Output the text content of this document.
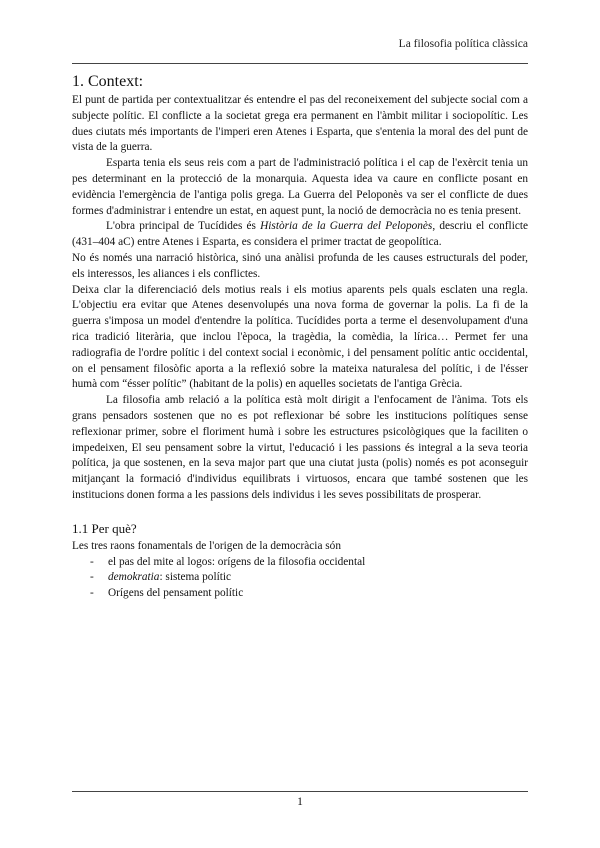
La filosofia política clàssica
1. Context:

El punt de partida per contextualitzar és entendre el pas del reconeixement del subjecte social com a subjecte polític. El conflicte a la societat grega era permanent en l'àmbit militar i sociopolític. Les dues ciutats més importants de l'imperi eren Atenes i Esparta, que s'entenia la moral des del punt de vista de la guerra.

Esparta tenia els seus reis com a part de l'administració política i el cap de l'exèrcit tenia un pes determinant en la protecció de la monarquia. Aquesta idea va caure en conflicte posant en evidència l'emergència de l'antiga polis grega. La Guerra del Peloponès va ser el conflicte de dues formes d'administrar i entendre un estat, en aquest punt, la noció de democràcia no es tenia present.

L'obra principal de Tucídides és Història de la Guerra del Peloponès, descriu el conflicte (431–404 aC) entre Atenes i Esparta, es considera el primer tractat de geopolítica.

No és només una narració històrica, sinó una anàlisi profunda de les causes estructurals del poder, els interessos, les aliances i els conflictes.

Deixa clar la diferenciació dels motius reals i els motius aparents pels quals esclaten una regla. L'objectiu era evitar que Atenes desenvolupés una nova forma de governar la polis. La fi de la guerra s'imposa un model d'entendre la política. Tucídides porta a terme el desenvolupament d'una rica tradició literària, que inclou l'època, la tragèdia, la comèdia, la lírica… Permet fer una radiografia de l'ordre polític i del context social i econòmic, i del pensament polític antic occidental, on el pensament filosòfic aporta a la reflexió sobre la mateixa naturalesa del polític, i de l'ésser humà com “ésser polític” (habitant de la polis) en aquelles societats de l'antiga Grècia.

La filosofia amb relació a la política està molt dirigit a l'enfocament de l'ànima. Tots els grans pensadors sostenen que no es pot reflexionar bé sobre les institucions polítiques sense reflexionar primer, sobre el floriment humà i sobre les estructures psicològiques que la faciliten o impedeixen, El seu pensament sobre la virtut, l'educació i les passions és integral a la seva teoria política, ja que sostenen, en la seva major part que una ciutat justa (polis) només es pot aconseguir mitjançant la formació d'individus equilibrats i virtuosos, encara que també sostenen que les institucions donen forma a les passions dels individus i les seves possibilitats de prosperar.

1.1 Per què?

Les tres raons fonamentals de l'origen de la democràcia són

- el pas del mite al logos: orígens de la filosofia occidental
- demokratia: sistema polític
- Orígens del pensament polític
1
